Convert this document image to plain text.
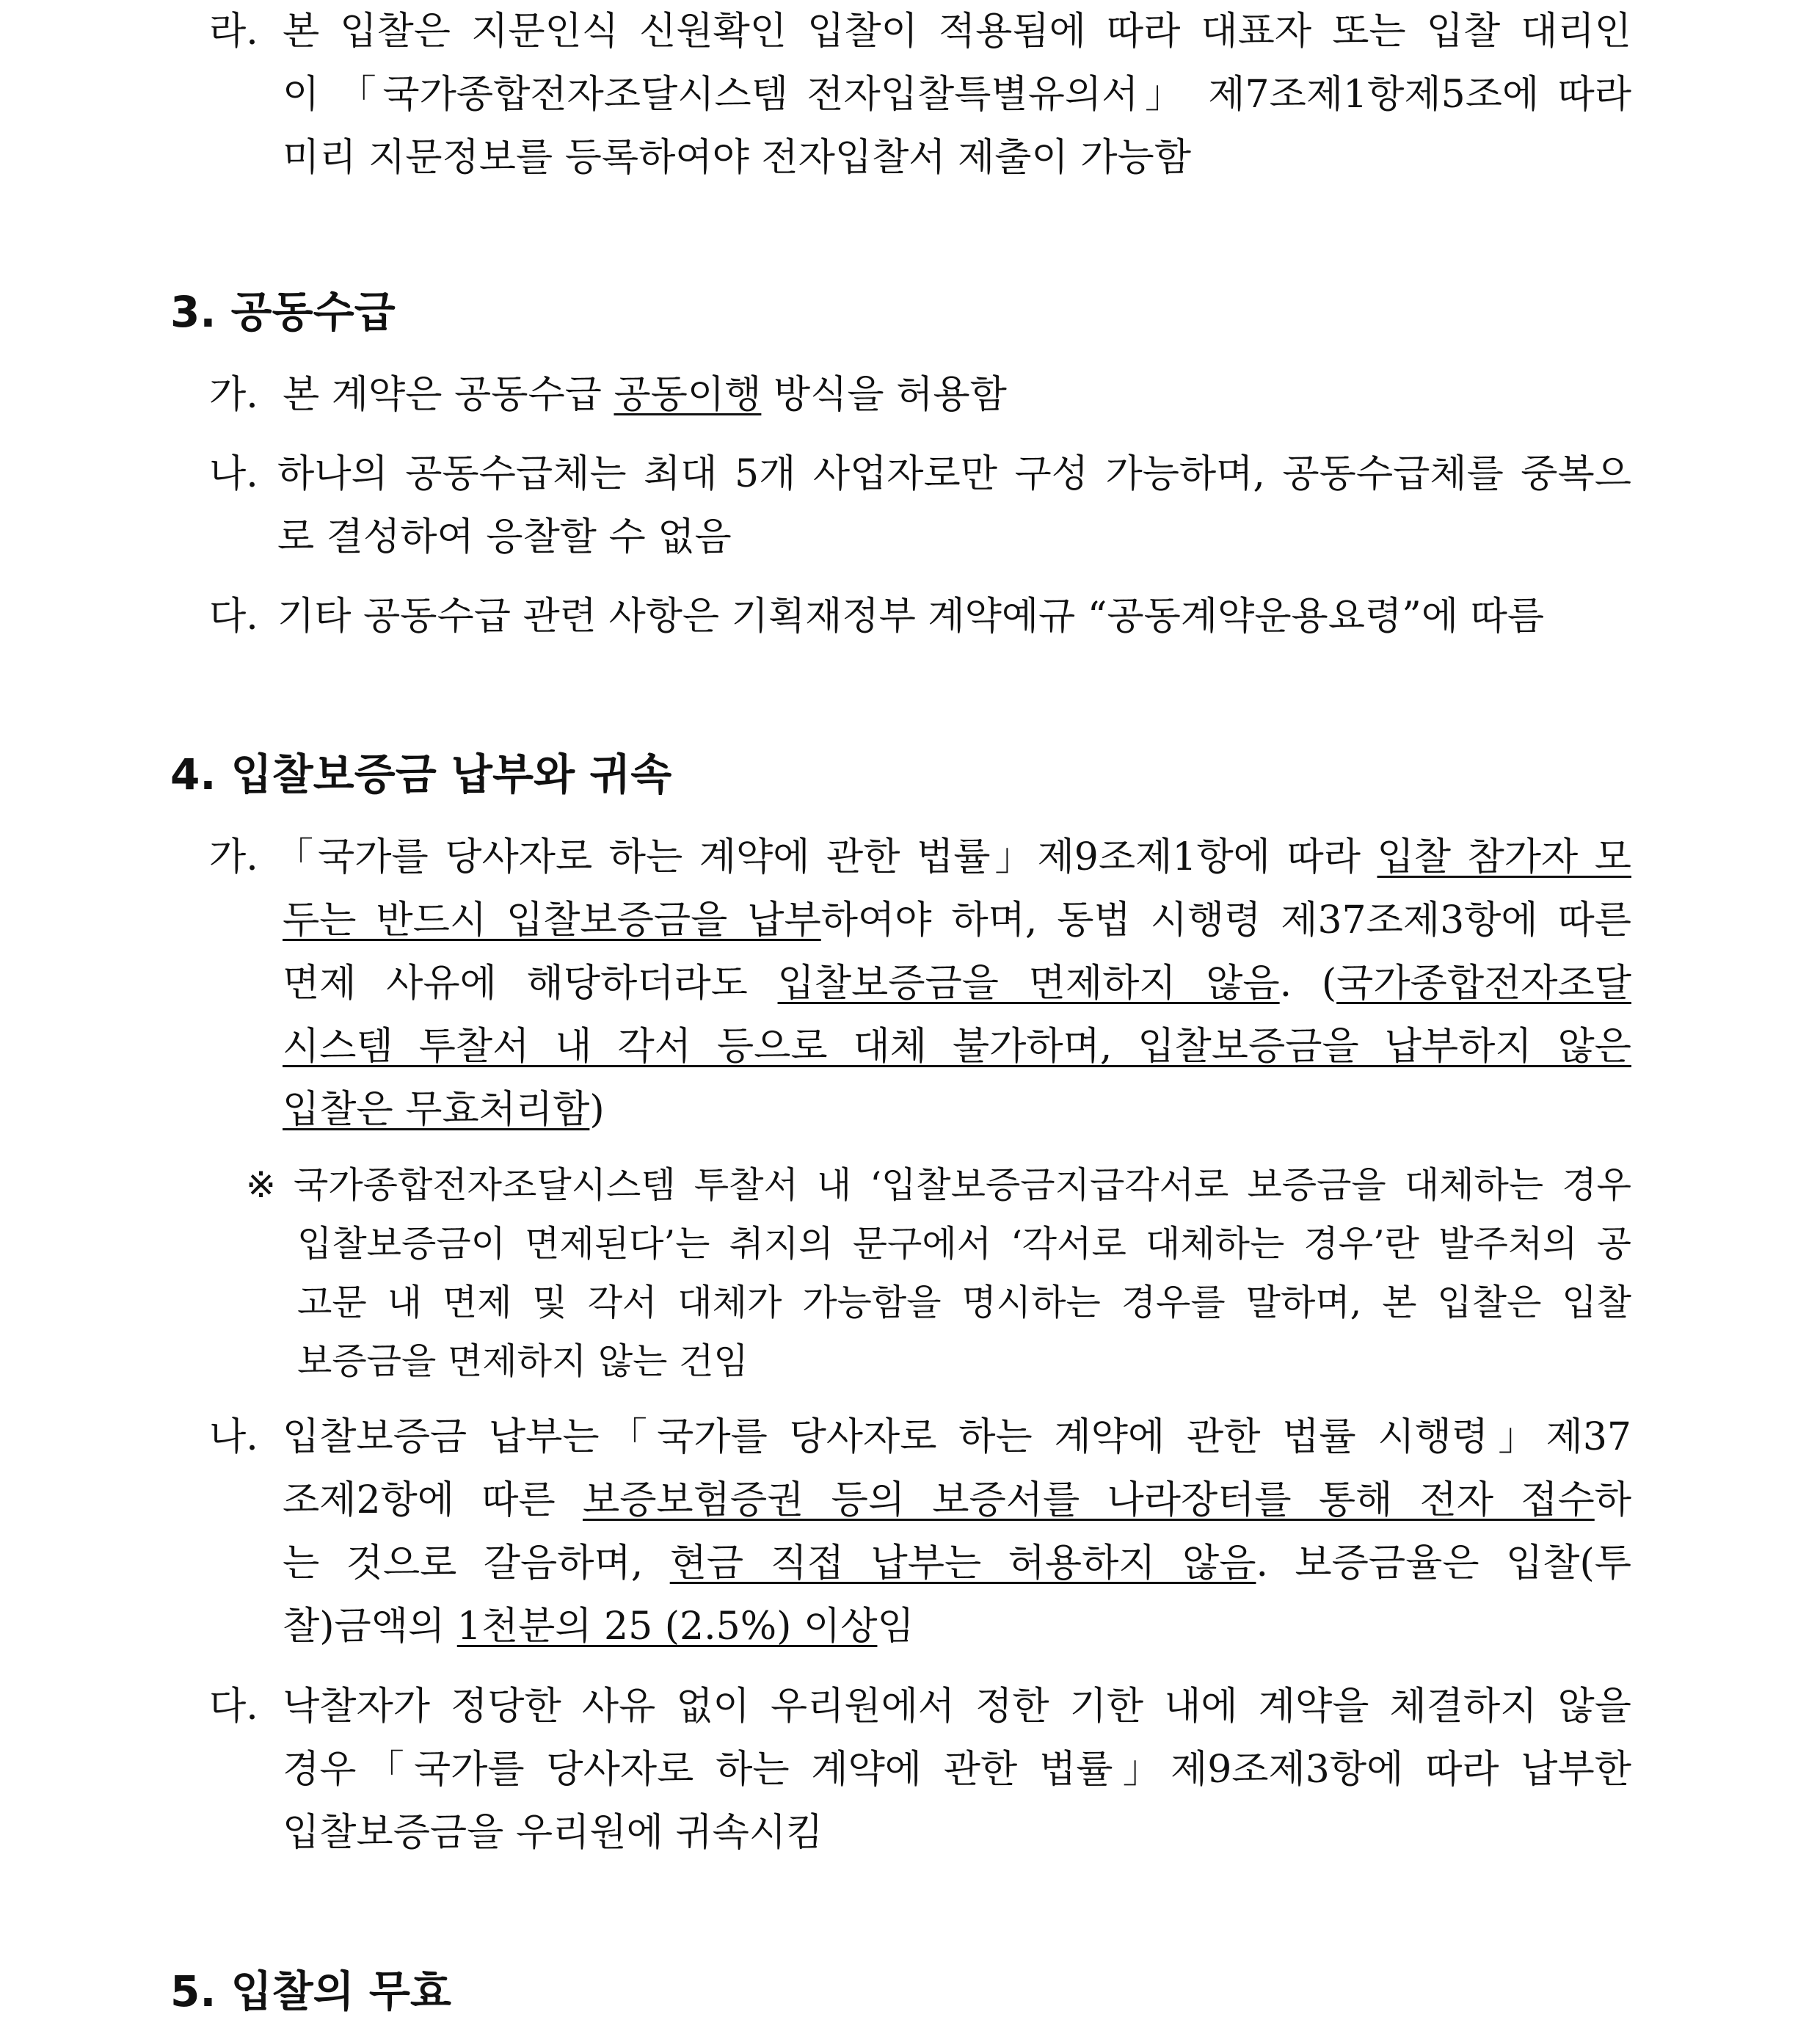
라. 본 입찰은 지문인식 신원확인 입찰이 적용됨에 따라 대표자 또는 입찰 대리인
이 「국가종합전자조달시스템 전자입찰특별유의서」 제7조제1항제5조에 따라
미리 지문정보를 등록하여야 전자입찰서 제출이 가능함
3. 공동수급
가. 본 계약은 공동수급 공동이행 방식을 허용함
나. 하나의 공동수급체는 최대 5개 사업자로만 구성 가능하며, 공동수급체를 중복으
로 결성하여 응찰할 수 없음
다. 기타 공동수급 관련 사항은 기획재정부 계약예규 “공동계약운용요령”에 따름
4. 입찰보증금 납부와 귀속
가. 「국가를 당사자로 하는 계약에 관한 법률」제9조제1항에 따라 입찰 참가자 모
두는 반드시 입찰보증금을 납부하여야 하며, 동법 시행령 제37조제3항에 따른
면제 사유에 해당하더라도 입찰보증금을 면제하지 않음. (국가종합전자조달
시스템 투찰서 내 각서 등으로 대체 불가하며, 입찰보증금을 납부하지 않은
입찰은 무효처리함)
※ 국가종합전자조달시스템 투찰서 내 ‘입찰보증금지급각서로 보증금을 대체하는 경우
입찰보증금이 면제된다’는 취지의 문구에서 ‘각서로 대체하는 경우’란 발주처의 공
고문 내 면제 및 각서 대체가 가능함을 명시하는 경우를 말하며, 본 입찰은 입찰
보증금을 면제하지 않는 건임
나. 입찰보증금 납부는「국가를 당사자로 하는 계약에 관한 법률 시행령」제37
조제2항에 따른 보증보험증권 등의 보증서를 나라장터를 통해 전자 접수하
는 것으로 갈음하며, 현금 직접 납부는 허용하지 않음. 보증금율은 입찰(투
찰)금액의 1천분의 25 (2.5%) 이상임
다. 낙찰자가 정당한 사유 없이 우리원에서 정한 기한 내에 계약을 체결하지 않을
경우「국가를 당사자로 하는 계약에 관한 법률」제9조제3항에 따라 납부한
입찰보증금을 우리원에 귀속시킴
5. 입찰의 무효
